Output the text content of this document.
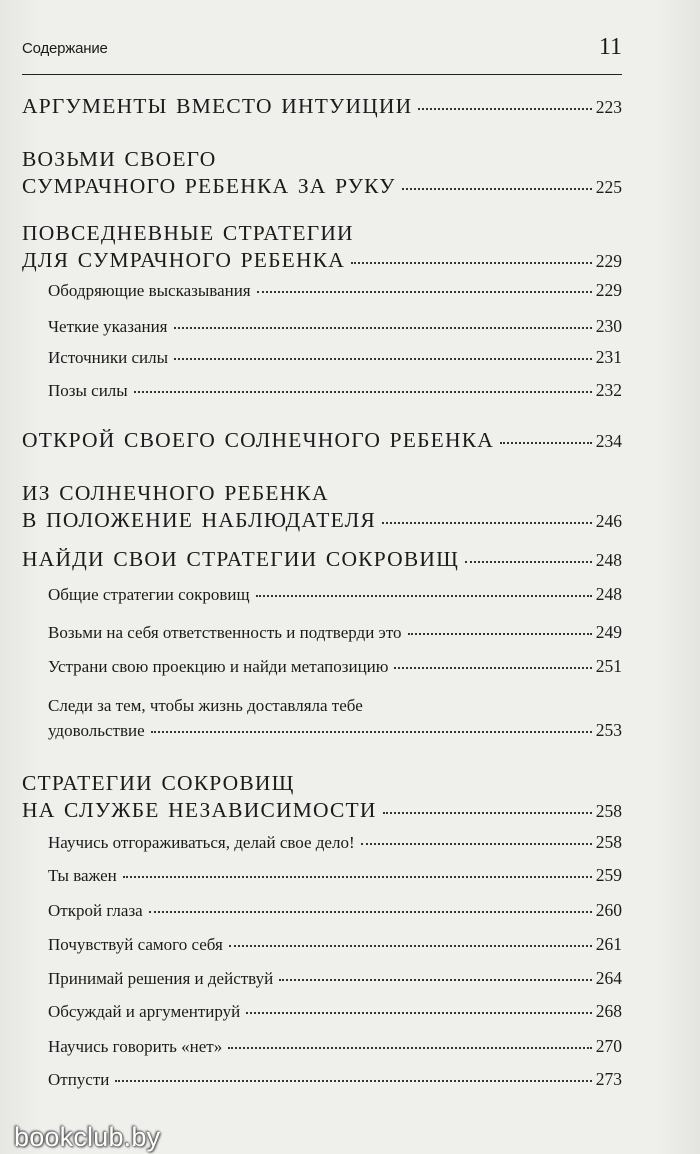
Содержание	11
АРГУМЕНТЫ ВМЕСТО ИНТУИЦИИ	223
ВОЗЬМИ СВОЕГО
СУМРАЧНОГО РЕБЕНКА ЗА РУКУ	225
ПОВСЕДНЕВНЫЕ СТРАТЕГИИ
ДЛЯ СУМРАЧНОГО РЕБЕНКА	229
Ободряющие высказывания	229
Четкие указания	230
Источники силы	231
Позы силы	232
ОТКРОЙ СВОЕГО СОЛНЕЧНОГО РЕБЕНКА	234
ИЗ СОЛНЕЧНОГО РЕБЕНКА
В ПОЛОЖЕНИЕ НАБЛЮДАТЕЛЯ	246
НАЙДИ СВОИ СТРАТЕГИИ СОКРОВИЩ	248
Общие стратегии сокровищ	248
Возьми на себя ответственность и подтверди это	249
Устрани свою проекцию и найди метапозицию	251
Следи за тем, чтобы жизнь доставляла тебе
удовольствие	253
СТРАТЕГИИ СОКРОВИЩ
НА СЛУЖБЕ НЕЗАВИСИМОСТИ	258
Научись отгораживаться, делай свое дело!	258
Ты важен	259
Открой глаза	260
Почувствуй самого себя	261
Принимай решения и действуй	264
Обсуждай и аргументируй	268
Научись говорить «нет»	270
Отпусти	273
bookclub.by
